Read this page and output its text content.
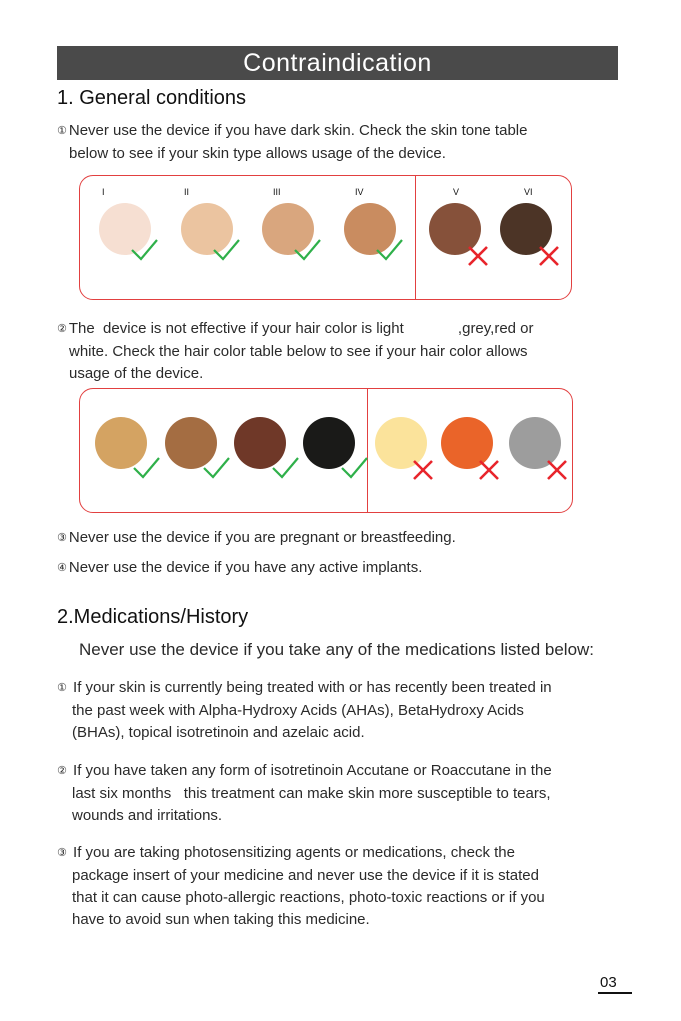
Contraindication
1. General conditions
① Never use the device if you have dark skin. Check the skin tone table
below to see if your skin type allows usage of the device.
I	II	III	IV	V	VI
② The  device is not effective if your hair color is light             ,grey,red or
white. Check the hair color table below to see if your hair color allows
usage of the device.
③ Never use the device if you are pregnant or breastfeeding.
④ Never use the device if you have any active implants.
2.Medications/History
Never use the device if you take any of the medications listed below:
① If your skin is currently being treated with or has recently been treated in
the past week with Alpha-Hydroxy Acids (AHAs), BetaHydroxy Acids
(BHAs), topical isotretinoin and azelaic acid.
② If you have taken any form of isotretinoin Accutane or Roaccutane in the
last six months   this treatment can make skin more susceptible to tears,
wounds and irritations.
③ If you are taking photosensitizing agents or medications, check the
package insert of your medicine and never use the device if it is stated
that it can cause photo-allergic reactions, photo-toxic reactions or if you
have to avoid sun when taking this medicine.
03
